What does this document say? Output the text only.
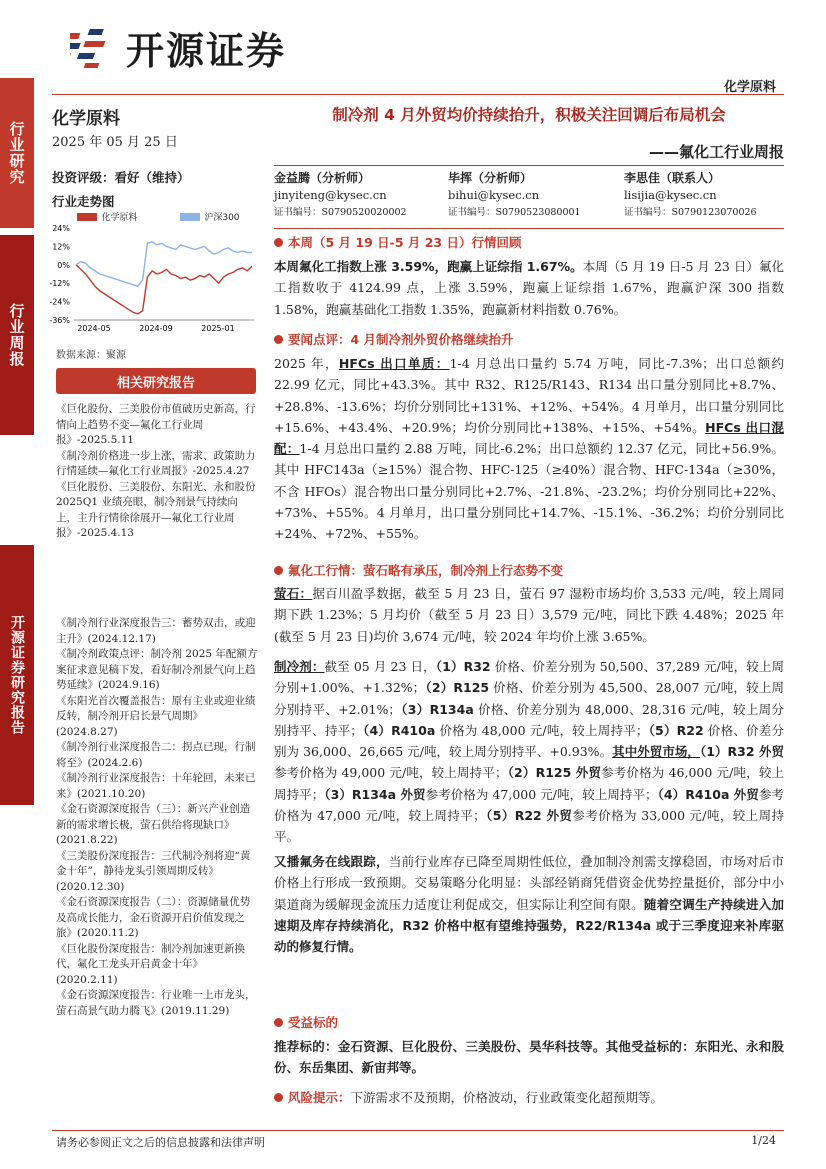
开源证券
化学原料
行业研究
行业周报
开源证券研究报告
化学原料
2025 年 05 月 25 日
投资评级：看好（维持）
行业走势图
化学原料	沪深300
24%
12%
0%
-12%
-24%
-36%
2024-05	2024-09	2025-01
数据来源：聚源
相关研究报告
《巨化股份、三美股份市值破历史新高，行情向上趋势不变—氟化工行业周报》-2025.5.11
《制冷剂价格进一步上涨，需求、政策助力行情延续—氟化工行业周报》-2025.4.27
《巨化股份、三美股份、东阳光、永和股份 2025Q1 业绩亮眼，制冷剂景气持续向上，主升行情徐徐展开—氟化工行业周报》-2025.4.13
《制冷剂行业深度报告三：蓄势双击，或迎主升》(2024.12.17)
《制冷剂政策点评：制冷剂 2025 年配额方案征求意见稿下发，看好制冷剂景气向上趋势延续》(2024.9.16)
《东阳光首次覆盖报告：原有主业或迎业绩反转，制冷剂开启长景气周期》(2024.8.27)
《制冷剂行业深度报告二：拐点已现，行制将至》(2024.2.6)
《制冷剂行业深度报告：十年轮回，未来已来》(2021.10.20)
《金石资源深度报告（三）：新兴产业创造新的需求增长极，萤石供给将现缺口》(2021.8.22)
《三美股份深度报告：三代制冷剂将迎“黄金十年”，静待龙头引领周期反转》(2020.12.30)
《金石资源深度报告（二）：资源储量优势及高成长能力，金石资源开启价值发现之旅》(2020.11.2)
《巨化股份深度报告：制冷剂加速更新换代，氟化工龙头开启黄金十年》(2020.2.11)
《金石资源深度报告：行业唯一上市龙头，萤石高景气助力腾飞》(2019.11.29)
制冷剂 4 月外贸均价持续抬升，积极关注回调后布局机会
——氟化工行业周报
金益腾（分析师）
jinyiteng@kysec.cn
证书编号：S0790520020002
毕挥（分析师）
bihui@kysec.cn
证书编号：S0790523080001
李思佳（联系人）
lisijia@kysec.cn
证书编号：S0790123070026
本周（5 月 19 日-5 月 23 日）行情回顾
本周氟化工指数上涨 3.59%，跑赢上证综指 1.67%。本周（5 月 19 日-5 月 23 日）氟化工指数收于 4124.99 点，上涨 3.59%，跑赢上证综指 1.67%，跑赢沪深 300 指数 1.58%，跑赢基础化工指数 1.35%，跑赢新材料指数 0.76%。
要闻点评：4 月制冷剂外贸价格继续抬升
2025 年，HFCs 出口单质：1-4 月总出口量约 5.74 万吨，同比-7.3%；出口总额约 22.99 亿元，同比+43.3%。其中 R32、R125/R143、R134 出口量分别同比+8.7%、+28.8%、-13.6%；均价分别同比+131%、+12%、+54%。4 月单月，出口量分别同比+15.6%、+43.4%、+20.9%；均价分别同比+138%、+15%、+54%。HFCs 出口混配：1-4 月总出口量约 2.88 万吨，同比-6.2%；出口总额约 12.37 亿元，同比+56.9%。其中 HFC143a（≥15%）混合物、HFC-125（≥40%）混合物、HFC-134a（≥30%，不含 HFOs）混合物出口量分别同比+2.7%、-21.8%、-23.2%；均价分别同比+22%、+73%、+55%。4 月单月，出口量分别同比+14.7%、-15.1%、-36.2%；均价分别同比+24%、+72%、+55%。
氟化工行情：萤石略有承压，制冷剂上行态势不变
萤石：据百川盈孚数据，截至 5 月 23 日，萤石 97 湿粉市场均价 3,533 元/吨，较上周同期下跌 1.23%；5 月均价（截至 5 月 23 日）3,579 元/吨，同比下跌 4.48%；2025 年(截至 5 月 23 日)均价 3,674 元/吨，较 2024 年均价上涨 3.65%。
制冷剂：截至 05 月 23 日，（1）R32 价格、价差分别为 50,500、37,289 元/吨，较上周分别+1.00%、+1.32%；（2）R125 价格、价差分别为 45,500、28,007 元/吨，较上周分别持平、+2.01%；（3）R134a 价格、价差分别为 48,000、28,316 元/吨，较上周分别持平、持平；（4）R410a 价格为 48,000 元/吨，较上周持平；（5）R22 价格、价差分别为 36,000、26,665 元/吨，较上周分别持平、+0.93%。其中外贸市场，（1）R32 外贸参考价格为 49,000 元/吨，较上周持平；（2）R125 外贸参考价格为 46,000 元/吨，较上周持平；（3）R134a 外贸参考价格为 47,000 元/吨，较上周持平；（4）R410a 外贸参考价格为 47,000 元/吨，较上周持平；（5）R22 外贸参考价格为 33,000 元/吨，较上周持平。
又播氟务在线跟踪，当前行业库存已降至周期性低位，叠加制冷剂需支撑稳固，市场对后市价格上行形成一致预期。交易策略分化明显：头部经销商凭借资金优势控量挺价，部分中小渠道商为缓解现金流压力适度让利促成交，但实际让利空间有限。随着空调生产持续进入加速期及库存持续消化，R32 价格中枢有望维持强势，R22/R134a 或于三季度迎来补库驱动的修复行情。
受益标的
推荐标的：金石资源、巨化股份、三美股份、昊华科技等。其他受益标的：东阳光、永和股份、东岳集团、新宙邦等。
风险提示：下游需求不及预期，价格波动，行业政策变化超预期等。
请务必参阅正文之后的信息披露和法律声明	1/24
